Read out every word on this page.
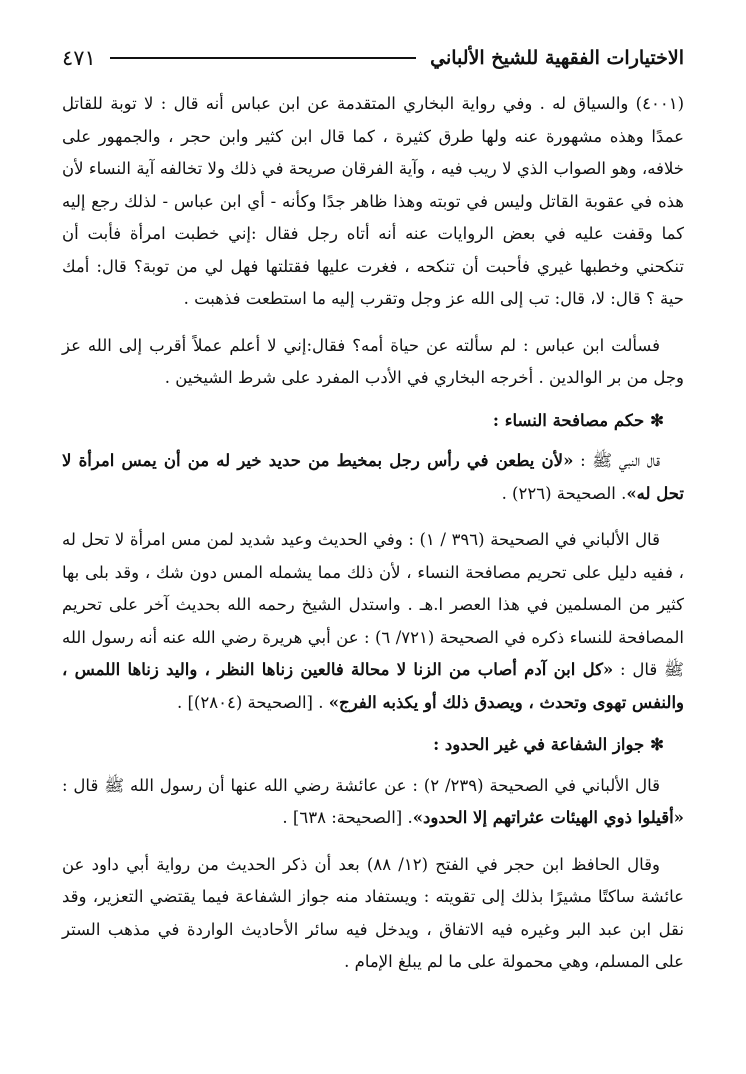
الاختيارات الفقهية للشيخ الألباني
٤٧١

(٤٠٠١) والسياق له . وفي رواية البخاري المتقدمة عن ابن عباس أنه قال : لا توبة للقاتل عمدًا وهذه مشهورة عنه ولها طرق كثيرة ، كما قال ابن كثير وابن حجر ، والجمهور على خلافه، وهو الصواب الذي لا ريب فيه ، وآية الفرقان صريحة في ذلك ولا تخالفه آية النساء لأن هذه في عقوبة القاتل وليس في توبته وهذا ظاهر جدًا وكأنه - أي ابن عباس - لذلك رجع إليه كما وقفت عليه في بعض الروايات عنه أنه أتاه رجل فقال :إني خطبت امرأة فأبت أن تنكحني وخطبها غيري فأحبت أن تنكحه ، فغرت عليها فقتلتها فهل لي من توبة؟ قال: أمك حية ؟ قال: لا، قال: تب إلى الله عز وجل وتقرب إليه ما استطعت فذهبت .

فسألت ابن عباس : لم سألته عن حياة أمه؟ فقال:إني لا أعلم عملاً أقرب إلى الله عز وجل من بر الوالدين . أخرجه البخاري في الأدب المفرد على شرط الشيخين .

✻حكم مصافحة النساء :

قال النبي ﷺ : «لأن يطعن في رأس رجل بمخيط من حديد خير له من أن يمس امرأة لا تحل له». الصحيحة (٢٢٦) .

قال الألباني في الصحيحة (٣٩٦ / ١) : وفي الحديث وعيد شديد لمن مس امرأة لا تحل له ، ففيه دليل على تحريم مصافحة النساء ، لأن ذلك مما يشمله المس دون شك ، وقد بلى بها كثير من المسلمين في هذا العصر ا.هـ . واستدل الشيخ رحمه الله بحديث آخر على تحريم المصافحة للنساء ذكره في الصحيحة (٧٢١/ ٦) : عن أبي هريرة رضي الله عنه أنه رسول الله ﷺ قال : «كل ابن آدم أصاب من الزنا لا محالة فالعين زناها النظر ، واليد زناها اللمس ، والنفس تهوى وتحدث ، ويصدق ذلك أو يكذبه الفرج» . [الصحيحة (٢٨٠٤)] .

✻جواز الشفاعة في غير الحدود :

قال الألباني في الصحيحة (٢٣٩/ ٢) : عن عائشة رضي الله عنها أن رسول الله ﷺ قال : «أقيلوا ذوي الهيئات عثراتهم إلا الحدود». [الصحيحة: ٦٣٨] .

وقال الحافظ ابن حجر في الفتح (١٢/ ٨٨) بعد أن ذكر الحديث من رواية أبي داود عن عائشة ساكتًا مشيرًا بذلك إلى تقويته : ويستفاد منه جواز الشفاعة فيما يقتضي التعزير، وقد نقل ابن عبد البر وغيره فيه الاتفاق ، ويدخل فيه سائر الأحاديث الواردة في مذهب الستر على المسلم، وهي محمولة على ما لم يبلغ الإمام .
